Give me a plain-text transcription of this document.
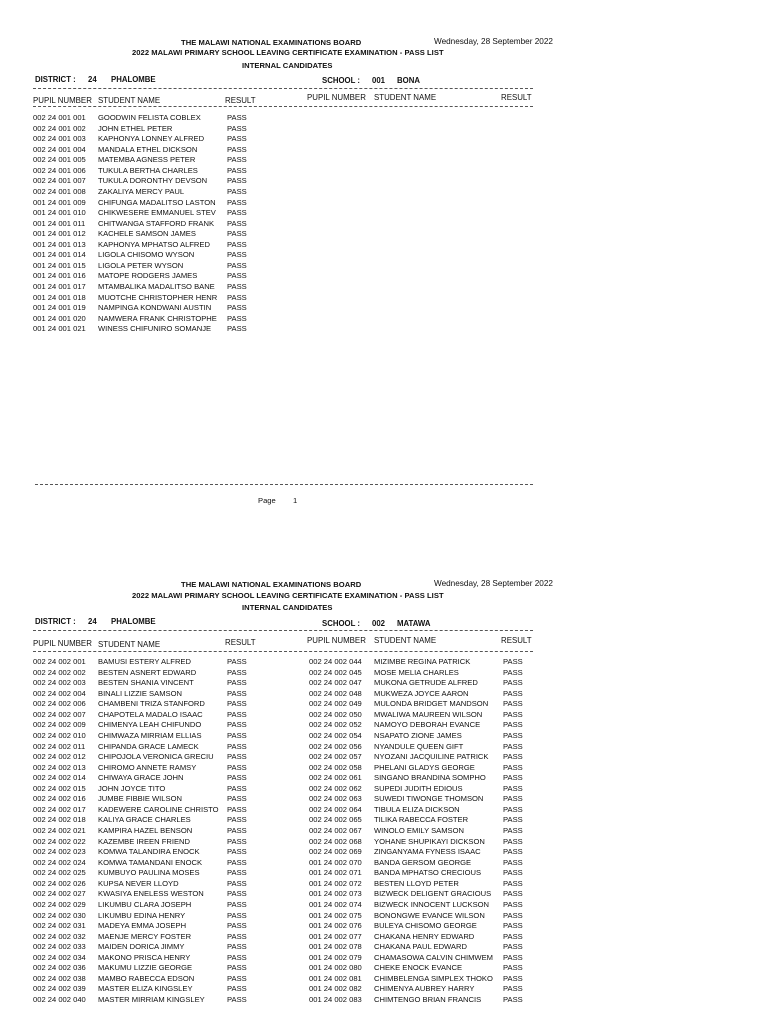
THE MALAWI NATIONAL EXAMINATIONS BOARD	Wednesday, 28 September 2022
2022 MALAWI PRIMARY SCHOOL LEAVING CERTIFICATE EXAMINATION - PASS LIST
INTERNAL CANDIDATES
DISTRICT : 24 PHALOMBE	SCHOOL : 001 BONA
PUPIL NUMBER STUDENT NAME	RESULT	PUPIL NUMBER STUDENT NAME	RESULT
002 24 001 001 GOODWIN FELISTA COBLEX	PASS
002 24 001 002 JOHN ETHEL PETER	PASS
002 24 001 003 KAPHONYA LONNEY ALFRED	PASS
002 24 001 004 MANDALA ETHEL DICKSON	PASS
002 24 001 005 MATEMBA AGNESS PETER	PASS
002 24 001 006 TUKULA BERTHA CHARLES	PASS
002 24 001 007 TUKULA DORONTHY DEVSON	PASS
002 24 001 008 ZAKALIYA MERCY PAUL	PASS
001 24 001 009 CHIFUNGA MADALITSO LASTON	PASS
001 24 001 010 CHIKWESERE EMMANUEL STEV	PASS
001 24 001 011 CHITWANGA STAFFORD FRANK	PASS
001 24 001 012 KACHELE SAMSON JAMES	PASS
001 24 001 013 KAPHONYA MPHATSO ALFRED	PASS
001 24 001 014 LIGOLA CHISOMO WYSON	PASS
001 24 001 015 LIGOLA PETER WYSON	PASS
001 24 001 016 MATOPE RODGERS JAMES	PASS
001 24 001 017 MTAMBALIKA MADALITSO BANE	PASS
001 24 001 018 MUOTCHE CHRISTOPHER HENR	PASS
001 24 001 019 NAMPINGA KONDWANI AUSTIN	PASS
001 24 001 020 NAMWERA FRANK CHRISTOPHE	PASS
001 24 001 021 WINESS CHIFUNIRO SOMANJE	PASS
Page 1
THE MALAWI NATIONAL EXAMINATIONS BOARD	Wednesday, 28 September 2022
2022 MALAWI PRIMARY SCHOOL LEAVING CERTIFICATE EXAMINATION - PASS LIST
INTERNAL CANDIDATES
DISTRICT : 24 PHALOMBE	SCHOOL : 002 MATAWA
PUPIL NUMBER STUDENT NAME	RESULT	PUPIL NUMBER STUDENT NAME	RESULT
002 24 002 001 BAMUSI ESTERY ALFRED	PASS
002 24 002 002 BESTEN ASNERT EDWARD	PASS
002 24 002 003 BESTEN SHANIA VINCENT	PASS
002 24 002 004 BINALI LIZZIE SAMSON	PASS
002 24 002 006 CHAMBENI TRIZA STANFORD	PASS
002 24 002 007 CHAPOTELA MADALO ISAAC	PASS
002 24 002 009 CHIMENYA LEAH CHIFUNDO	PASS
002 24 002 010 CHIMWAZA MIRRIAM ELLIAS	PASS
002 24 002 011 CHIPANDA GRACE LAMECK	PASS
002 24 002 012 CHIPOJOLA VERONICA GRECIU	PASS
002 24 002 013 CHIROMO ANNETE RAMSY	PASS
002 24 002 014 CHIWAYA GRACE JOHN	PASS
002 24 002 015 JOHN JOYCE TITO	PASS
002 24 002 016 JUMBE FIBBIE WILSON	PASS
002 24 002 017 KADEWERE CAROLINE CHRISTO	PASS
002 24 002 018 KALIYA GRACE CHARLES	PASS
002 24 002 021 KAMPIRA HAZEL BENSON	PASS
002 24 002 022 KAZEMBE IREEN FRIEND	PASS
002 24 002 023 KOMWA TALANDIRA ENOCK	PASS
002 24 002 024 KOMWA TAMANDANI ENOCK	PASS
002 24 002 025 KUMBUYO PAULINA MOSES	PASS
002 24 002 026 KUPSA NEVER LLOYD	PASS
002 24 002 027 KWASIYA ENELESS WESTON	PASS
002 24 002 029 LIKUMBU CLARA JOSEPH	PASS
002 24 002 030 LIKUMBU EDINA HENRY	PASS
002 24 002 031 MADEYA EMMA JOSEPH	PASS
002 24 002 032 MAENJE MERCY FOSTER	PASS
002 24 002 033 MAIDEN DORICA JIMMY	PASS
002 24 002 034 MAKONO PRISCA HENRY	PASS
002 24 002 036 MAKUMU LIZZIE GEORGE	PASS
002 24 002 038 MAMBO RABECCA EDSON	PASS
002 24 002 039 MASTER ELIZA KINGSLEY	PASS
002 24 002 040 MASTER MIRRIAM KINGSLEY	PASS
002 24 002 044 MIZIMBE REGINA PATRICK	PASS
002 24 002 045 MOSE MELIA CHARLES	PASS
002 24 002 047 MUKONA GETRUDE ALFRED	PASS
002 24 002 048 MUKWEZA JOYCE AARON	PASS
002 24 002 049 MULONDA BRIDGET MANDSON	PASS
002 24 002 050 MWALIWA MAUREEN WILSON	PASS
002 24 002 052 NAMOYO DEBORAH EVANCE	PASS
002 24 002 054 NSAPATO ZIONE JAMES	PASS
002 24 002 056 NYANDULE QUEEN GIFT	PASS
002 24 002 057 NYOZANI JACQUILINE PATRICK	PASS
002 24 002 058 PHELANI GLADYS GEORGE	PASS
002 24 002 061 SINGANO BRANDINA SOMPHO	PASS
002 24 002 062 SUPEDI JUDITH EDIOUS	PASS
002 24 002 063 SUWEDI TIWONGE THOMSON	PASS
002 24 002 064 TIBULA ELIZA DICKSON	PASS
002 24 002 065 TILIKA RABECCA FOSTER	PASS
002 24 002 067 WINOLO EMILY SAMSON	PASS
002 24 002 068 YOHANE SHUPIKAYI DICKSON	PASS
002 24 002 069 ZINGANYAMA FYNESS ISAAC	PASS
001 24 002 070 BANDA GERSOM GEORGE	PASS
001 24 002 071 BANDA MPHATSO CRECIOUS	PASS
001 24 002 072 BESTEN LLOYD PETER	PASS
001 24 002 073 BIZWECK DELIGENT GRACIOUS	PASS
001 24 002 074 BIZWECK INNOCENT LUCKSON	PASS
001 24 002 075 BONONGWE EVANCE WILSON	PASS
001 24 002 076 BULEYA CHISOMO GEORGE	PASS
001 24 002 077 CHAKANA HENRY EDWARD	PASS
001 24 002 078 CHAKANA PAUL EDWARD	PASS
001 24 002 079 CHAMASOWA CALVIN CHIMWEM	PASS
001 24 002 080 CHEKE ENOCK EVANCE	PASS
001 24 002 081 CHIMBELENGA SIMPLEX THOKO	PASS
001 24 002 082 CHIMENYA AUBREY HARRY	PASS
001 24 002 083 CHIMTENGO BRIAN FRANCIS	PASS
